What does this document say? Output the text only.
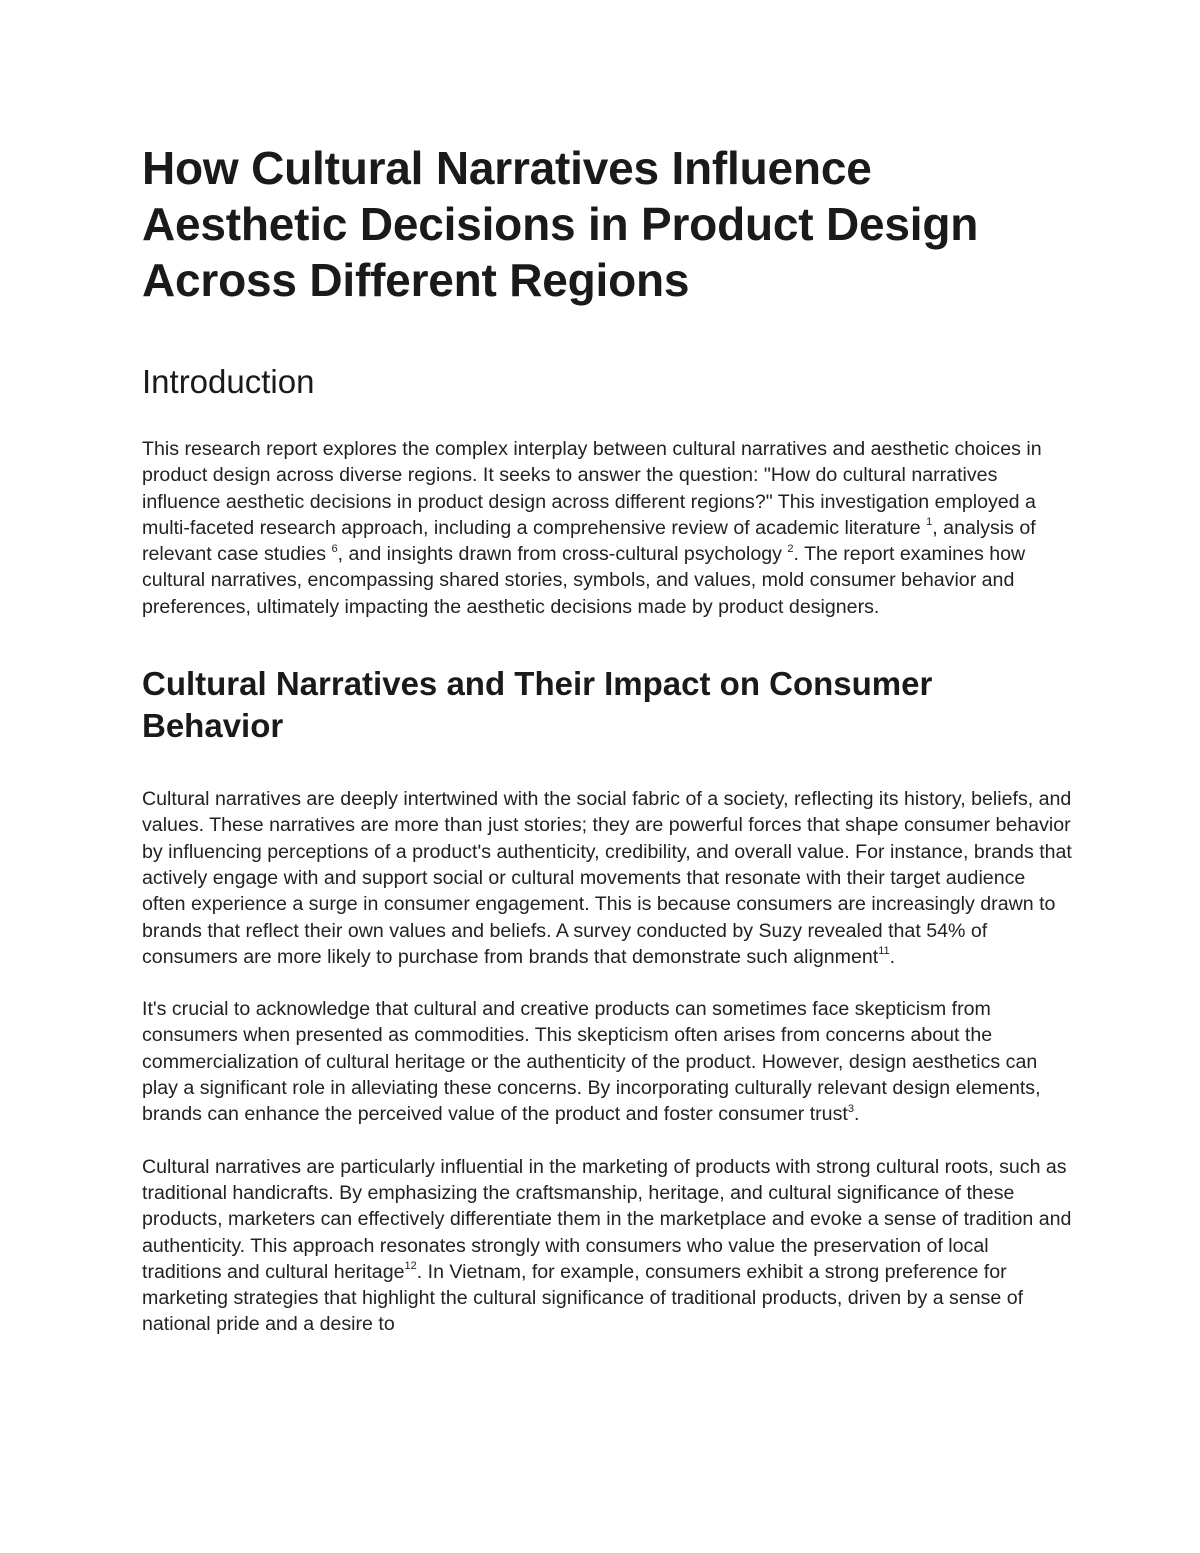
How Cultural Narratives Influence Aesthetic Decisions in Product Design Across Different Regions
Introduction

This research report explores the complex interplay between cultural narratives and aesthetic choices in product design across diverse regions. It seeks to answer the question: "How do cultural narratives influence aesthetic decisions in product design across different regions?" This investigation employed a multi-faceted research approach, including a comprehensive review of academic literature $^1$, analysis of relevant case studies $^6$, and insights drawn from cross-cultural psychology $^2$. The report examines how cultural narratives, encompassing shared stories, symbols, and values, mold consumer behavior and preferences, ultimately impacting the aesthetic decisions made by product designers.

Cultural Narratives and Their Impact on Consumer Behavior

Cultural narratives are deeply intertwined with the social fabric of a society, reflecting its history, beliefs, and values. These narratives are more than just stories; they are powerful forces that shape consumer behavior by influencing perceptions of a product's authenticity, credibility, and overall value. For instance, brands that actively engage with and support social or cultural movements that resonate with their target audience often experience a surge in consumer engagement. This is because consumers are increasingly drawn to brands that reflect their own values and beliefs. A survey conducted by Suzy revealed that 54% of consumers are more likely to purchase from brands that demonstrate such alignment$^{11}$.

It's crucial to acknowledge that cultural and creative products can sometimes face skepticism from consumers when presented as commodities. This skepticism often arises from concerns about the commercialization of cultural heritage or the authenticity of the product. However, design aesthetics can play a significant role in alleviating these concerns. By incorporating culturally relevant design elements, brands can enhance the perceived value of the product and foster consumer trust$^3$.

Cultural narratives are particularly influential in the marketing of products with strong cultural roots, such as traditional handicrafts. By emphasizing the craftsmanship, heritage, and cultural significance of these products, marketers can effectively differentiate them in the marketplace and evoke a sense of tradition and authenticity. This approach resonates strongly with consumers who value the preservation of local traditions and cultural heritage$^{12}$. In Vietnam, for example, consumers exhibit a strong preference for marketing strategies that highlight the cultural significance of traditional products, driven by a sense of national pride and a desire to
